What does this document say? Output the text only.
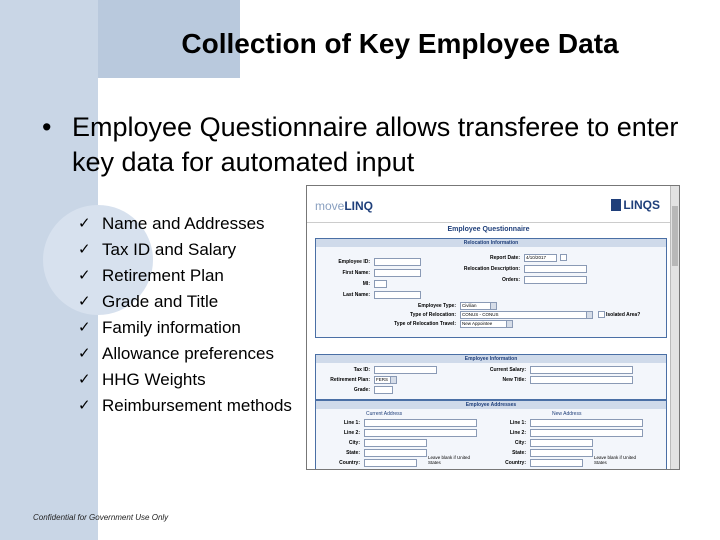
Collection of Key Employee Data
• Employee Questionnaire allows transferee to enter key data for automated input
✓ Name and Addresses
✓ Tax ID and Salary
✓ Retirement Plan
✓ Grade and Title
✓ Family information
✓ Allowance preferences
✓ HHG Weights
✓ Reimbursement methods
moveLINQ	LINQS
Employee Questionnaire
Relocation Information
Employee ID:
First Name:
MI:
Last Name:
Report Date:	4/10/2017
Relocation Description:
Orders:
Employee Type:	Civilian
Type of Relocation:	CONUS - CONUS	Isolated Area?
Type of Relocation Travel:	New Appointee
Employee Information
Tax ID:
Retirement Plan:	FERS
Grade:
Current Salary:
New Title:
Employee Addresses
Current Address	New Address
Line 1:
Line 2:
City:
State:
Country:
Leave blank if United States
Line 1:
Line 2:
City:
State:
Country:
Leave blank if United States
Confidential for Government Use Only
